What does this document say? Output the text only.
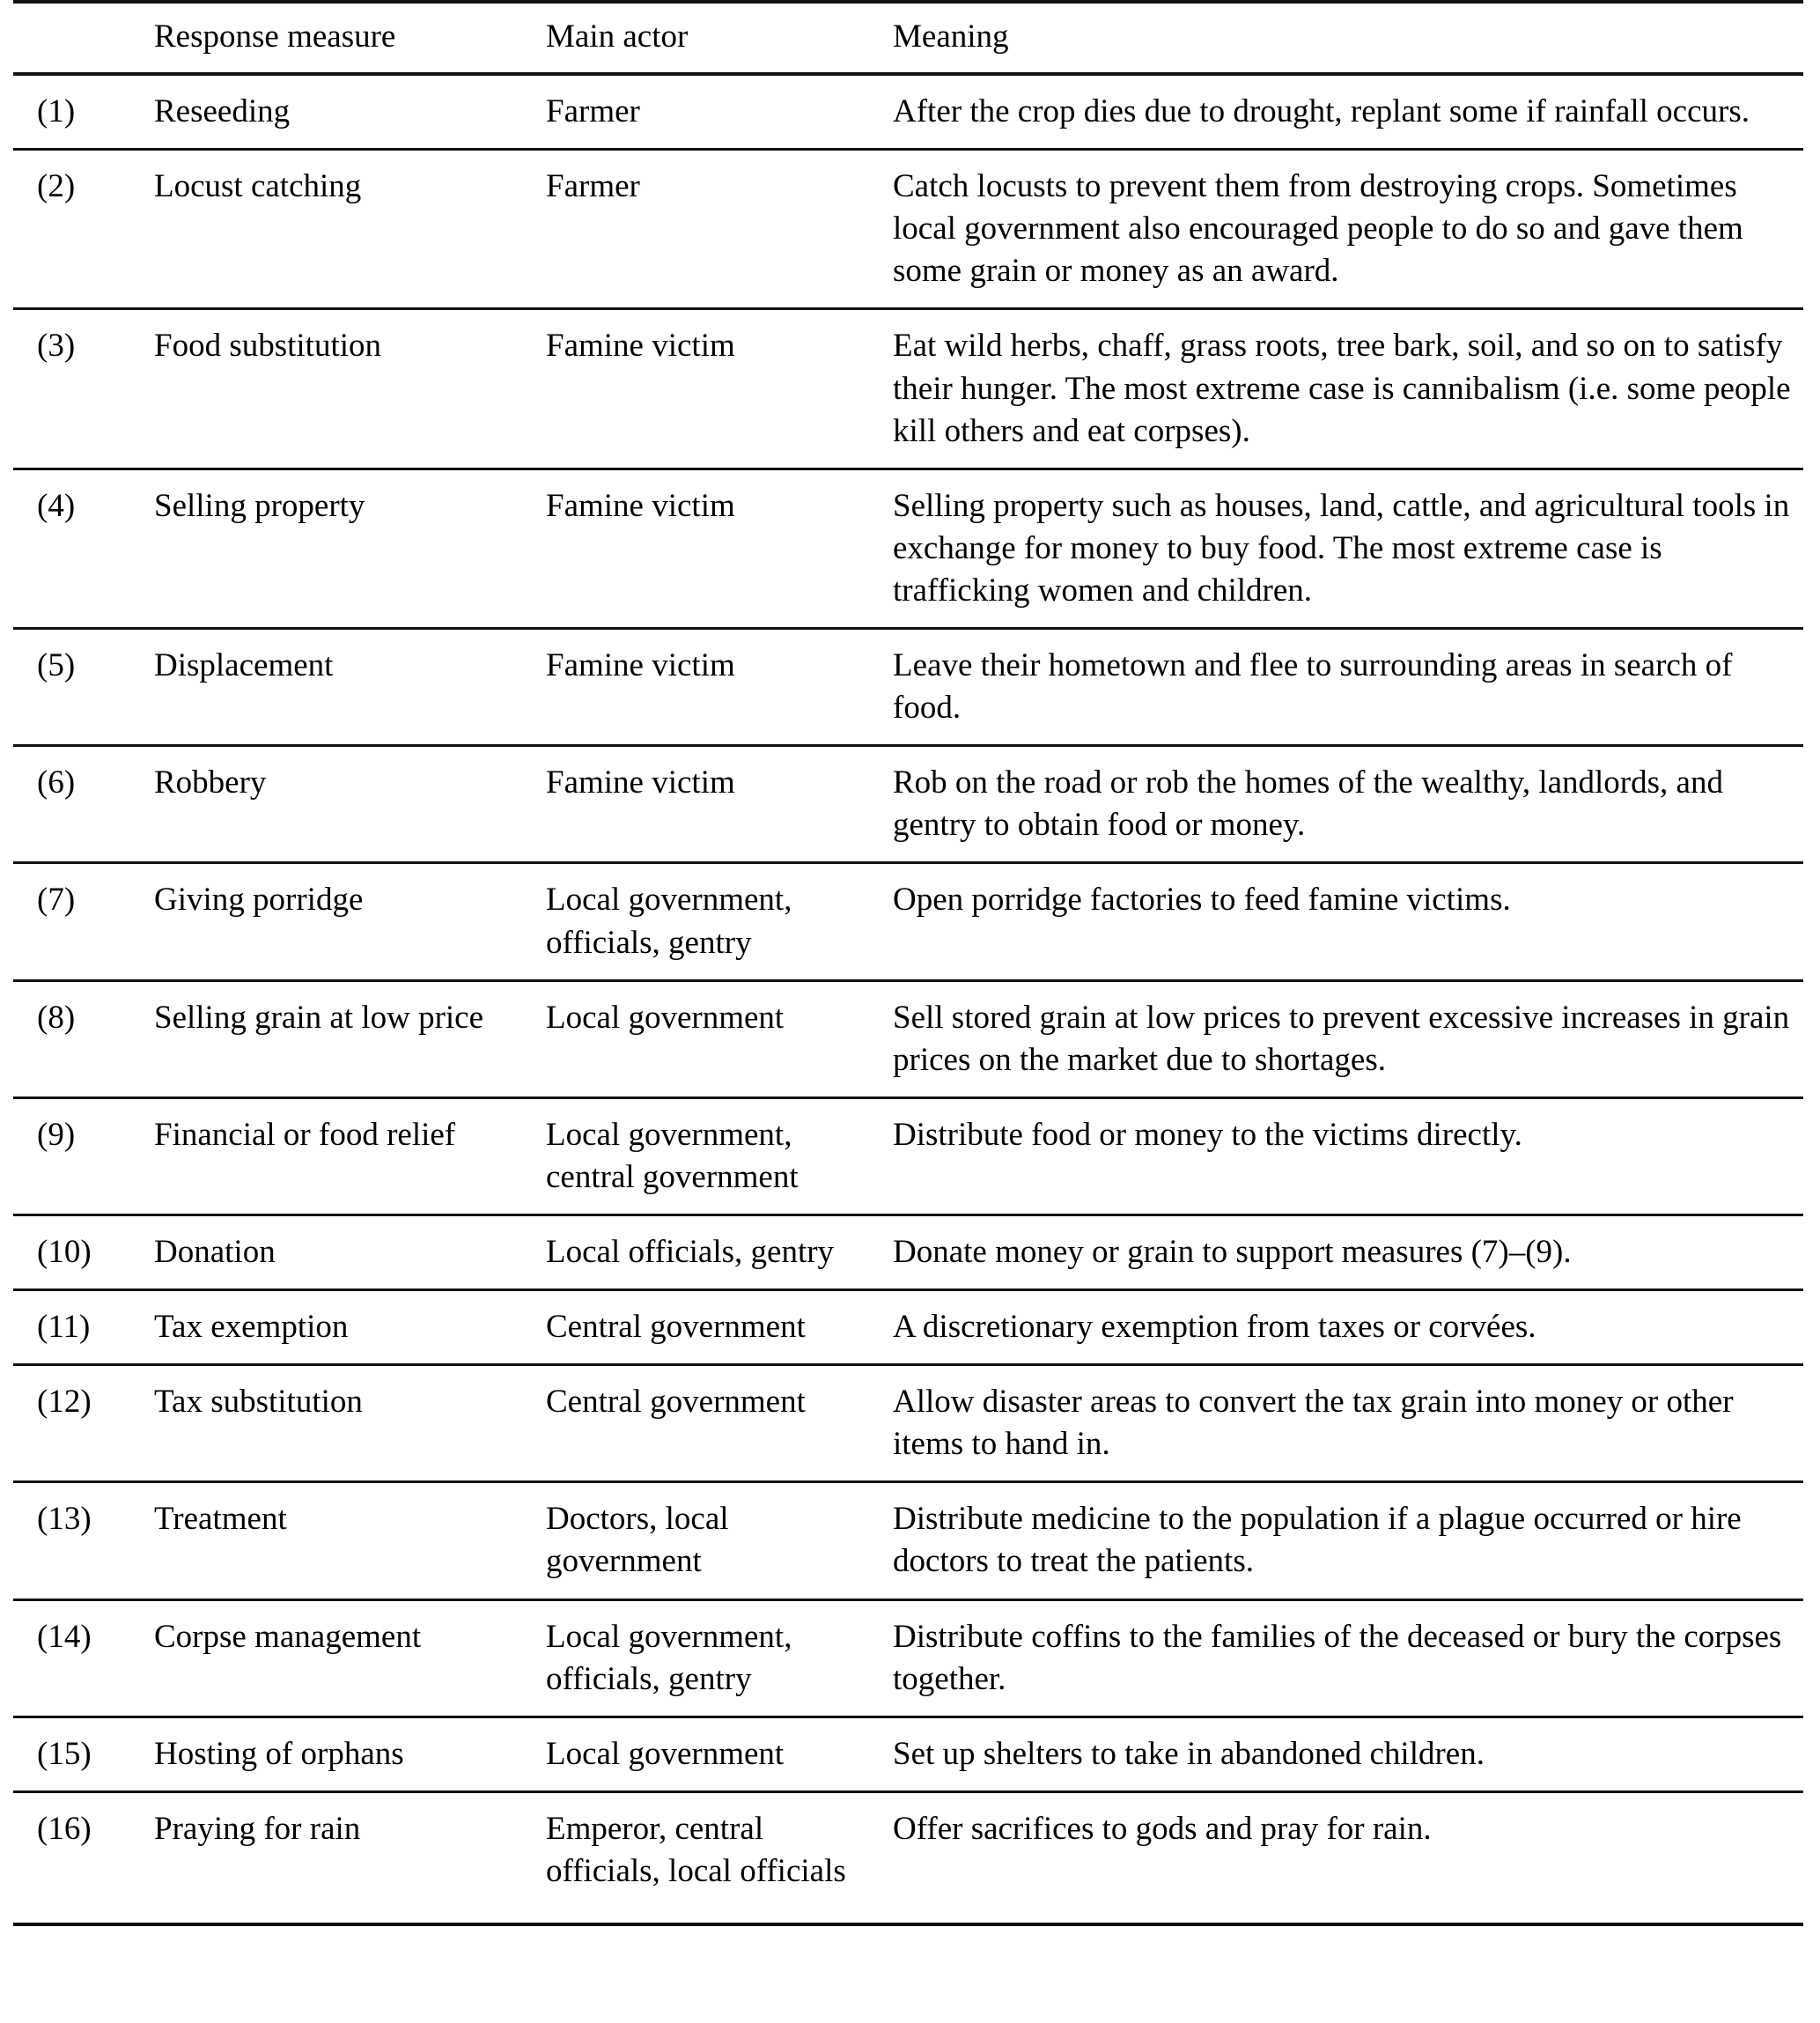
	Response measure	Main actor	Meaning
(1)	Reseeding	Farmer	After the crop dies due to drought, replant some if rainfall occurs.
(2)	Locust catching	Farmer	Catch locusts to prevent them from destroying crops. Sometimes local government also encouraged people to do so and gave them some grain or money as an award.
(3)	Food substitution	Famine victim	Eat wild herbs, chaff, grass roots, tree bark, soil, and so on to satisfy their hunger. The most extreme case is cannibalism (i.e. some people kill others and eat corpses).
(4)	Selling property	Famine victim	Selling property such as houses, land, cattle, and agricultural tools in exchange for money to buy food. The most extreme case is trafficking women and children.
(5)	Displacement	Famine victim	Leave their hometown and flee to surrounding areas in search of food.
(6)	Robbery	Famine victim	Rob on the road or rob the homes of the wealthy, landlords, and gentry to obtain food or money.
(7)	Giving porridge	Local government, officials, gentry	Open porridge factories to feed famine victims.
(8)	Selling grain at low price	Local government	Sell stored grain at low prices to prevent excessive increases in grain prices on the market due to shortages.
(9)	Financial or food relief	Local government, central government	Distribute food or money to the victims directly.
(10)	Donation	Local officials, gentry	Donate money or grain to support measures (7)–(9).
(11)	Tax exemption	Central government	A discretionary exemption from taxes or corvées.
(12)	Tax substitution	Central government	Allow disaster areas to convert the tax grain into money or other items to hand in.
(13)	Treatment	Doctors, local government	Distribute medicine to the population if a plague occurred or hire doctors to treat the patients.
(14)	Corpse management	Local government, officials, gentry	Distribute coffins to the families of the deceased or bury the corpses together.
(15)	Hosting of orphans	Local government	Set up shelters to take in abandoned children.
(16)	Praying for rain	Emperor, central officials, local officials	Offer sacrifices to gods and pray for rain.
